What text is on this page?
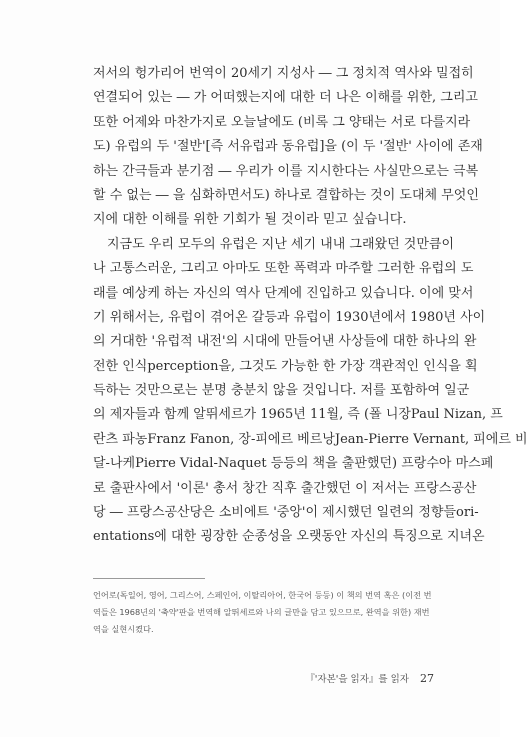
저서의 헝가리어 번역이 20세기 지성사 ― 그 정치적 역사와 밀접히
연결되어 있는 ― 가 어떠했는지에 대한 더 나은 이해를 위한, 그리고
또한 어제와 마찬가지로 오늘날에도 (비록 그 양태는 서로 다를지라
도) 유럽의 두 '절반'[즉 서유럽과 동유럽]을 (이 두 '절반' 사이에 존재
하는 간극들과 분기점 ― 우리가 이를 지시한다는 사실만으로는 극복
할 수 없는 ― 을 심화하면서도) 하나로 결합하는 것이 도대체 무엇인
지에 대한 이해를 위한 기회가 될 것이라 믿고 싶습니다.
지금도 우리 모두의 유럽은 지난 세기 내내 그래왔던 것만큼이
나 고통스러운, 그리고 아마도 또한 폭력과 마주할 그러한 유럽의 도
래를 예상케 하는 자신의 역사 단계에 진입하고 있습니다. 이에 맞서
기 위해서는, 유럽이 겪어온 갈등과 유럽이 1930년에서 1980년 사이
의 거대한 '유럽적 내전'의 시대에 만들어낸 사상들에 대한 하나의 완
전한 인식perception을, 그것도 가능한 한 가장 객관적인 인식을 획
득하는 것만으로는 분명 충분치 않을 것입니다. 저를 포함하여 일군
의 제자들과 함께 알뛰세르가 1965년 11월, 즉 (폴 니장Paul Nizan, 프
란츠 파농Franz Fanon, 장-피에르 베르낭Jean-Pierre Vernant, 피에르 비
달-나케Pierre Vidal-Naquet 등등의 책을 출판했던) 프랑수아 마스페
로 출판사에서 '이론' 총서 창간 직후 출간했던 이 저서는 프랑스공산
당 ― 프랑스공산당은 소비에트 '중앙'이 제시했던 일련의 정향들ori-
entations에 대한 굉장한 순종성을 오랫동안 자신의 특징으로 지녀온
언어로(독일어, 영어, 그리스어, 스페인어, 이탈리아어, 한국어 등등) 이 책의 번역 혹은 (이전 번
역들은 1968년의 '축약'판을 번역해 알뛰세르와 나의 글만을 담고 있으므로, 완역을 위한) 재번
역을 실현시켰다.
『'자본'을 읽자』를 읽자 27
